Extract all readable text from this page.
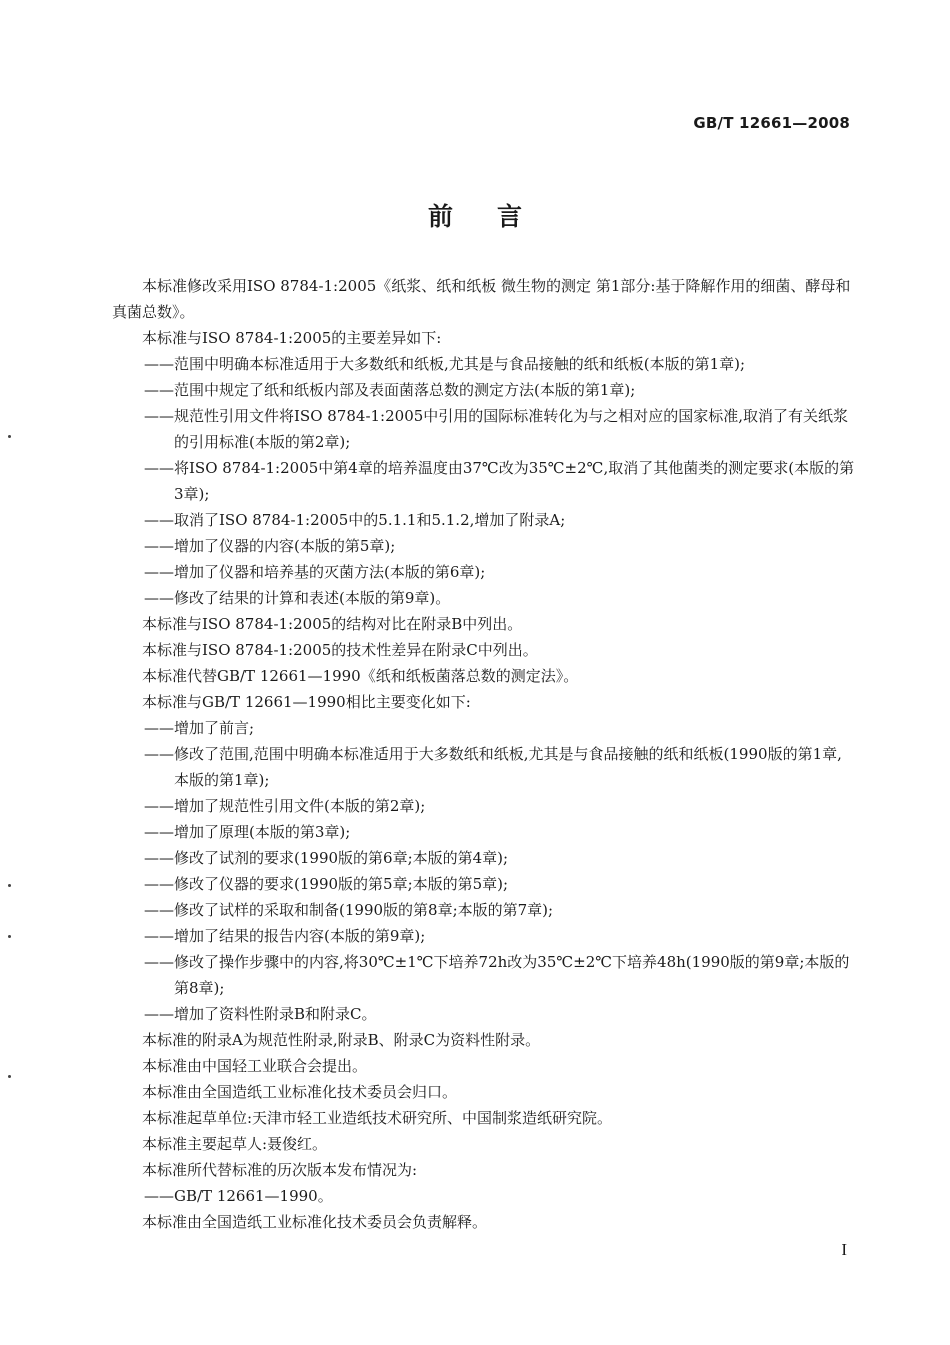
GB/T 12661—2008
前言

本标准修改采用ISO 8784-1:2005《纸浆、纸和纸板 微生物的测定 第1部分:基于降解作用的细菌、酵母和真菌总数》。

本标准与ISO 8784-1:2005的主要差异如下:

——范围中明确本标准适用于大多数纸和纸板,尤其是与食品接触的纸和纸板(本版的第1章);

——范围中规定了纸和纸板内部及表面菌落总数的测定方法(本版的第1章);

——规范性引用文件将ISO 8784-1:2005中引用的国际标准转化为与之相对应的国家标准,取消了有关纸浆的引用标准(本版的第2章);

——将ISO 8784-1:2005中第4章的培养温度由37℃改为35℃±2℃,取消了其他菌类的测定要求(本版的第3章);

——取消了ISO 8784-1:2005中的5.1.1和5.1.2,增加了附录A;

——增加了仪器的内容(本版的第5章);

——增加了仪器和培养基的灭菌方法(本版的第6章);

——修改了结果的计算和表述(本版的第9章)。

本标准与ISO 8784-1:2005的结构对比在附录B中列出。

本标准与ISO 8784-1:2005的技术性差异在附录C中列出。

本标准代替GB/T 12661—1990《纸和纸板菌落总数的测定法》。

本标准与GB/T 12661—1990相比主要变化如下:

——增加了前言;

——修改了范围,范围中明确本标准适用于大多数纸和纸板,尤其是与食品接触的纸和纸板(1990版的第1章,本版的第1章);

——增加了规范性引用文件(本版的第2章);

——增加了原理(本版的第3章);

——修改了试剂的要求(1990版的第6章;本版的第4章);

——修改了仪器的要求(1990版的第5章;本版的第5章);

——修改了试样的采取和制备(1990版的第8章;本版的第7章);

——增加了结果的报告内容(本版的第9章);

——修改了操作步骤中的内容,将30℃±1℃下培养72h改为35℃±2℃下培养48h(1990版的第9章;本版的第8章);

——增加了资料性附录B和附录C。

本标准的附录A为规范性附录,附录B、附录C为资料性附录。

本标准由中国轻工业联合会提出。

本标准由全国造纸工业标准化技术委员会归口。

本标准起草单位:天津市轻工业造纸技术研究所、中国制浆造纸研究院。

本标准主要起草人:聂俊红。

本标准所代替标准的历次版本发布情况为:

——GB/T 12661—1990。

本标准由全国造纸工业标准化技术委员会负责解释。

I
